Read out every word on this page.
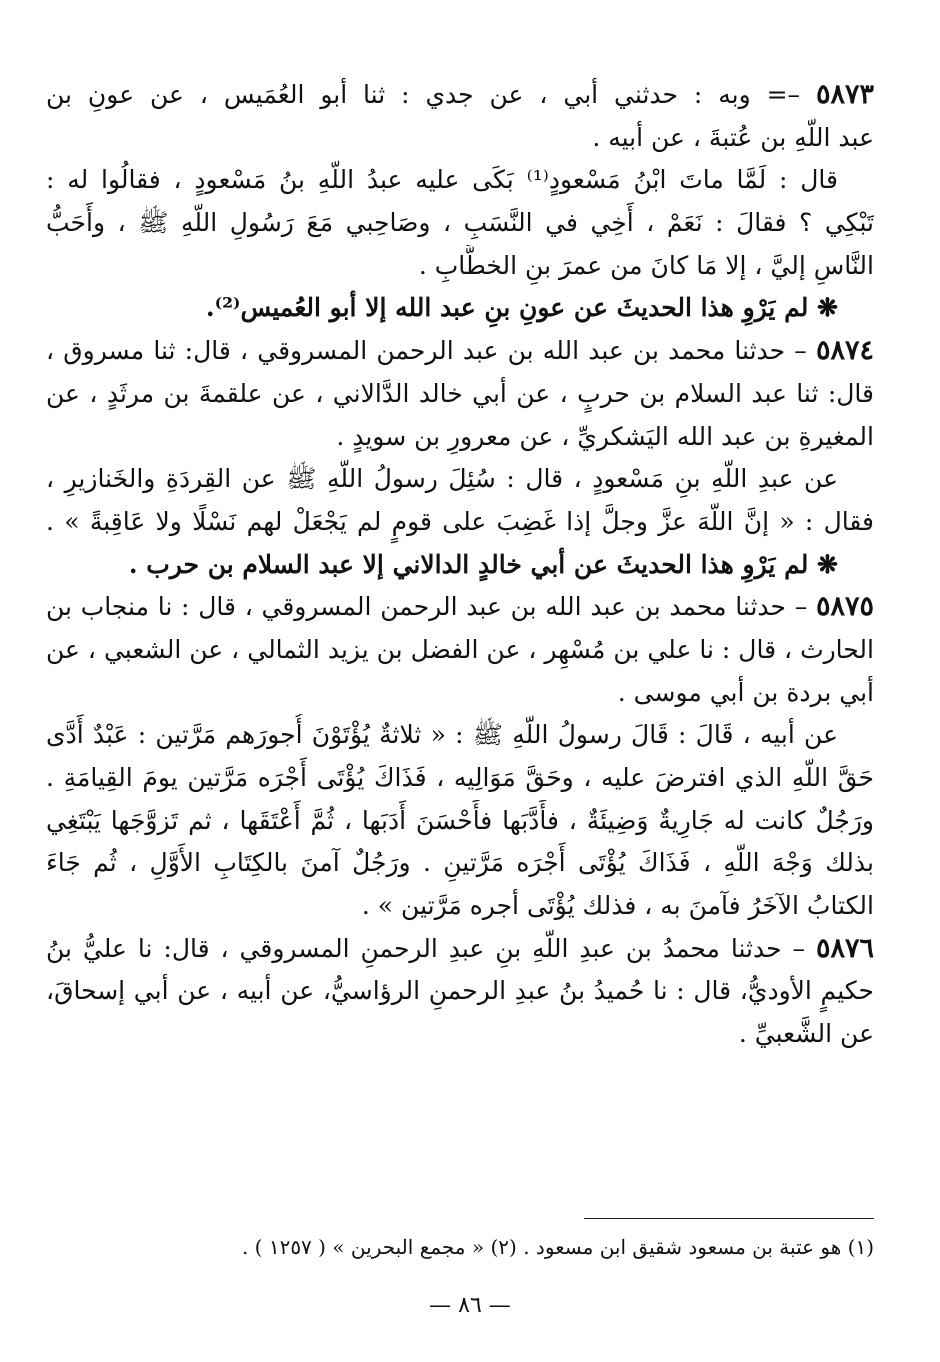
٥٨٧٣ –= وبه : حدثني أبي ، عن جدي : ثنا أبو العُمَيس ، عن عونِ بن
عبد اللّهِ بن عُتبةَ ، عن أبيه .
قال : لَمَّا ماتَ ابْنُ مَسْعودٍ⁽¹⁾ بَكَى عليه عبدُ اللّهِ بنُ مَسْعودٍ ، فقالُوا له :
تَبْكِي ؟ فقالَ : نَعَمْ ، أَخِي في النَّسَبِ ، وصَاحِبي مَعَ رَسُولِ اللّهِ ﷺ ، وأَحَبُّ
النَّاسِ إليَّ ، إلا مَا كانَ من عمرَ بنِ الخطَّابِ .
❋ لم يَرْوِ هذا الحديثَ عن عونِ بنِ عبد الله إلا أبو العُميس⁽²⁾.
٥٨٧٤ – حدثنا محمد بن عبد الله بن عبد الرحمن المسروقي ، قال: ثنا مسروق ،
قال: ثنا عبد السلام بن حربٍ ، عن أبي خالد الدَّالاني ، عن علقمةَ بن مرثَدٍ ، عن
المغيرةِ بن عبد الله اليَشكريِّ ، عن معرورِ بن سويدٍ .
عن عبدِ اللّهِ بنِ مَسْعودٍ ، قال : سُئِلَ رسولُ اللّهِ ﷺ عن القِردَةِ والخَنازيرِ ،
فقال : « إنَّ اللّهَ عزَّ وجلَّ إذا غَضِبَ على قومٍ لم يَجْعَلْ لهم نَسْلًا ولا عَاقِبةً » .
❋ لم يَرْوِ هذا الحديثَ عن أبي خالدٍ الدالاني إلا عبد السلام بن حرب .
٥٨٧٥ – حدثنا محمد بن عبد الله بن عبد الرحمن المسروقي ، قال : نا منجاب بن
الحارث ، قال : نا علي بن مُسْهِر ، عن الفضل بن يزيد الثمالي ، عن الشعبي ، عن
أبي بردة بن أبي موسى .
عن أبيه ، قَالَ : قَالَ رسولُ اللّهِ ﷺ : « ثلاثةٌ يُؤْتَوْنَ أُجورَهم مَرَّتين : عَبْدٌ أَدَّى
حَقَّ اللّهِ الذي افترضَ عليه ، وحَقَّ مَوَالِيه ، فَذَاكَ يُؤْتَى أَجْرَه مَرَّتين يومَ القِيامَةِ .
ورَجُلٌ كانت له جَارِيةٌ وَضِيئَةٌ ، فأَدَّبَها فأَحْسَنَ أَدَبَها ، ثُمَّ أَعْتَقَها ، ثم تَزوَّجَها يَبْتَغِي
بذلك وَجْهَ اللّهِ ، فَذَاكَ يُؤْتَى أَجْرَه مَرَّتينِ . ورَجُلٌ آمنَ بالكِتَابِ الأَوَّلِ ، ثُم جَاءَ
الكتابُ الآخَرُ فآمنَ به ، فذلك يُؤْتَى أجره مَرَّتين » .
٥٨٧٦ – حدثنا محمدُ بن عبدِ اللّهِ بنِ عبدِ الرحمنِ المسروقي ، قال: نا عليُّ بنُ
حكيمٍ الأوديُّ، قال : نا حُميدُ بنُ عبدِ الرحمنِ الرؤاسيُّ، عن أبيه ، عن أبي إسحاقَ،
عن الشَّعبيِّ .
(١) هو عتبة بن مسعود شقيق ابن مسعود . (٢) « مجمع البحرين » ( ١٢٥٧ ) .
— ٨٦ —
